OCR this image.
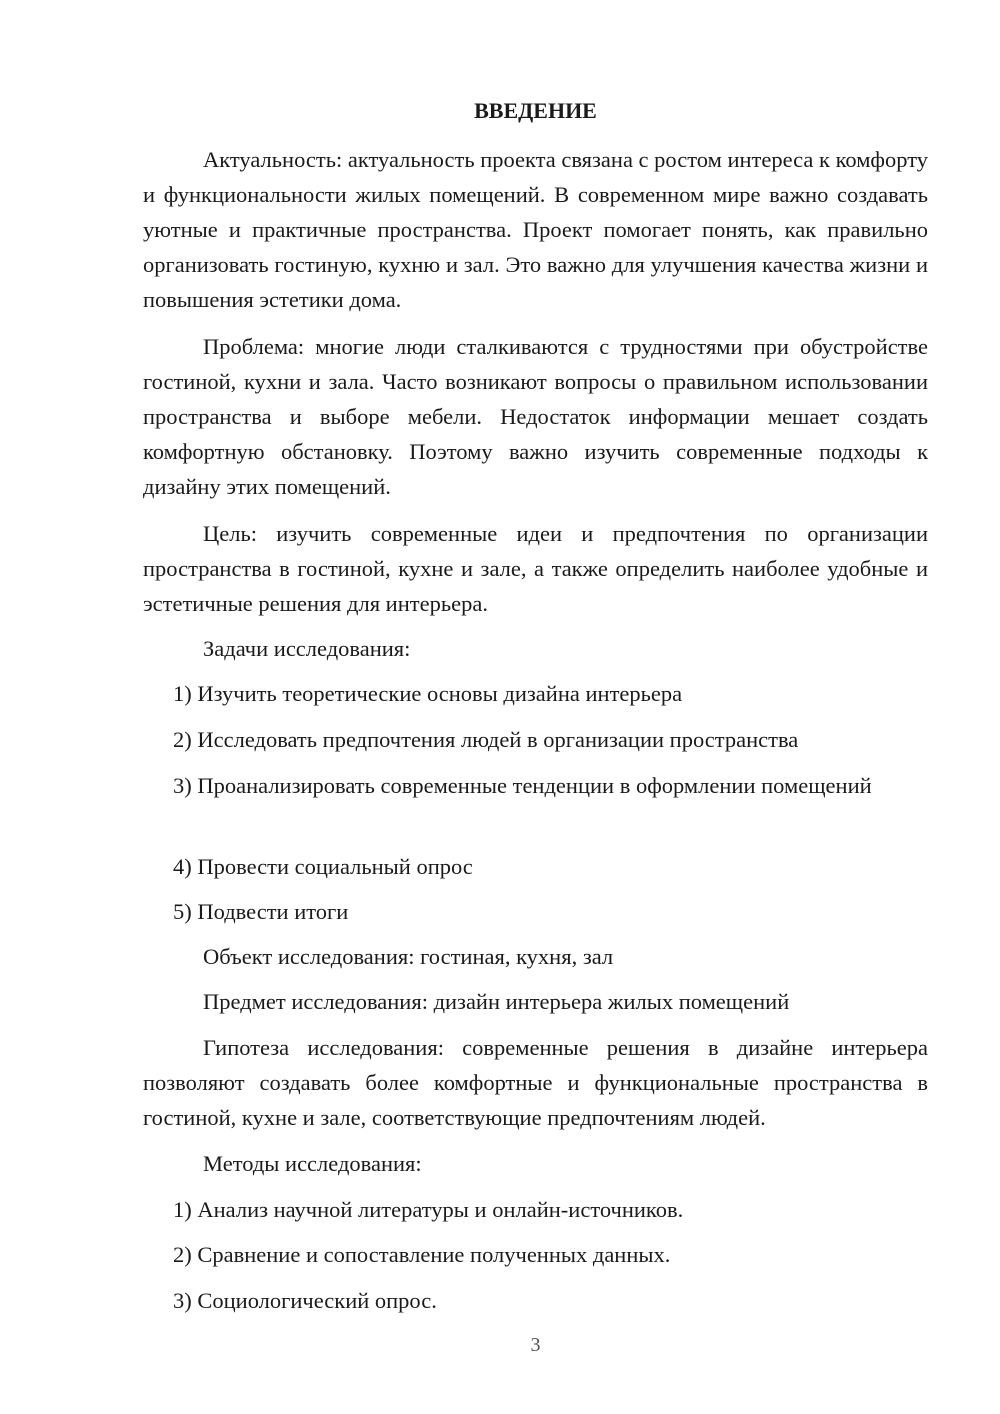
ВВЕДЕНИЕ

Актуальность: актуальность проекта связана с ростом интереса к комфорту и функциональности жилых помещений. В современном мире важно создавать уютные и практичные пространства. Проект помогает понять, как правильно организовать гостиную, кухню и зал. Это важно для улучшения качества жизни и повышения эстетики дома.

Проблема: многие люди сталкиваются с трудностями при обустройстве гостиной, кухни и зала. Часто возникают вопросы о правильном использовании пространства и выборе мебели. Недостаток информации мешает создать комфортную обстановку. Поэтому важно изучить современные подходы к дизайну этих помещений.

Цель: изучить современные идеи и предпочтения по организации пространства в гостиной, кухне и зале, а также определить наиболее удобные и эстетичные решения для интерьера.

Задачи исследования:
1) Изучить теоретические основы дизайна интерьера
2) Исследовать предпочтения людей в организации пространства

3) Проанализировать современные тенденции в оформлении помещений

4) Провести социальный опрос
5) Подвести итоги
Объект исследования: гостиная, кухня, зал
Предмет исследования: дизайн интерьера жилых помещений

Гипотеза исследования: современные решения в дизайне интерьера позволяют создавать более комфортные и функциональные пространства в гостиной, кухне и зале, соответствующие предпочтениям людей.

Методы исследования:
1) Анализ научной литературы и онлайн-источников.
2) Сравнение и сопоставление полученных данных.
3) Социологический опрос.
3
